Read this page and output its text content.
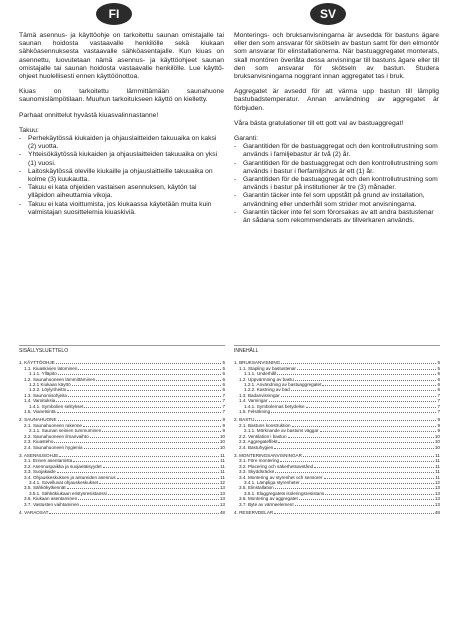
FI	SV

Tämä asennus- ja käyttöohje on tarkoitettu saunan omistajalle tai saunan hoidosta vastaavalle henkilölle sekä kiukaan sähköasennuksesta vastaavalle sähköasentajalle. Kun kiuas on asennettu, luovutetaan nämä asennus- ja käyttöohjeet saunan omistajalle tai saunan hoidosta vastaavalle henkilölle. Lue käyttöohjeet huolellisesti ennen käyttöönottoa.

Kiuas on tarkoitettu lämmittämään saunahuone saunomislämpötilaan. Muuhun tarkoitukseen käyttö on kielletty.

Parhaat onnittelut hyvästä kiuasvalinnastanne!

Takuu:
- Perhekäytössä kiukaiden ja ohjauslaitteiden takuuaika on kaksi (2) vuotta.
- Yhteisökäytössä kiukaiden ja ohjauslaitteiden takuuaika on yksi (1) vuosi.
- Laitoskäytössä oleville kiukaille ja ohjauslaitteille takuuaika on kolme (3) kuukautta.
- Takuu ei kata ohjeiden vastaisen asennuksen, käytön tai ylläpidon aiheuttamia vikoja.
- Takuu ei kata vioittumista, jos kiukaassa käytetään muita kuin valmistajan suosittelemia kiuaskiviä.

Monterings- och bruksanvisningarna är avsedda för bastuns ägare eller den som ansvarar för skötseln av bastun samt för den elmontör som ansvarar för elinstallationerna. När bastuaggregatet monterats, skall montören överlåta dessa anvisningar till bastuns ägare eller till den som ansvarar för skötseln av bastun. Studera bruksanvisningarna noggrant innan aggregatet tas i bruk.

Aggregatet är avsedd för att värma upp bastun till lämplig bastubadstemperatur. Annan användning av aggregatet är förbjuden.

Våra bästa gratulationer till ett gott val av bastuaggregat!

Garanti:
- Garantitiden för de bastuaggregat och den kontrollutrustning som används i familjebastur är två (2) år.
- Garantitiden för de bastuaggregat och den kontrollutrustning som används i bastur i flerfamiljshus är ett (1) år.
- Garantitiden för de bastuaggregat och den kontrollutrustning som används i bastur på institutioner är tre (3) månader.
- Garantin täcker inte fel som uppstått på grund av installation, användning eller underhåll som strider mot anvisningarna.
- Garantin täcker inte fel som förorsakas av att andra bastustenar än sådana som rekommenderats av tillverkaren används.
SISÄLLYSLUETTELO
1. KÄYTTÖOHJE	5
1.1. Kiuaskivien latominen	5
1.1.1. Ylläpito	6
1.2. Saunahuoneen lämmittäminen	6
1.2.1 Kiukaan käyttö	6
1.2.2. Löylynheitto	6
1.3. Saunomisohjeita	7
1.4. Varoituksia	7
1.4.1. Symbolien selitykset	7
1.5. Vianetsintä	7
2. SAUNAHUONE	9
2.1. Saunahuoneen rakenne	9
2.1.1. Saunan seinien tummuminen	9
2.2. Saunahuoneen ilmanvaihto	10
2.3. Kiuasteho	10
2.4. Saunahuoneen hygienia	10
3. ASENNUSOHJE	11
3.1. Ennen asentamista	11
3.2. Asennuspaikka ja suojaetäisyydet	11
3.3. Suojakaide	11
3.4. Ohjauskeskuksen ja antureiden asennus	11
3.4.1. Sovelluvat ohjauskeskukset	12
3.5. Sähkökytkennät	13
3.5.1. Sähkökiukaan eristysresistanssi	13
3.6. Kiukaan asentaminen	13
3.7. Vastusten vaihtaminen	13
4. VARAOSAT	48
INNEHÅLL
1. BRUKSANVISNING	5
1.1. Stapling av bastustenar	5
1.1.1. Underhåll	6
1.2. Uppvärmning av bastu	6
1.2.1. Användning av bastuaggregatet	6
1.2.2. Kastning av bad	6
1.3. Badanvisningar	7
1.4. Varningar	7
1.4.1. Symbolernas betydelse	7
1.5. Felsökning	7
2. BASTU	9
2.1. Bastuns konstruktion	9
2.1.1. Mörknande av bastuns väggar	9
2.2. Ventilation i bastun	10
2.3. Aggregateffekt	10
2.4. Bastuhygien	10
3. MONTERINGSANVISNINGAR	11
3.1. Före montering	11
3.2. Placering och säkerhetsavstånd	11
3.3. Skyddsräcke	11
3.4. Montering av styrenhet och sensorer	11
3.4.1. Lämpliga styrenheter	12
3.5. Elinstallation	13
3.5.1. Elaggregatets isoleringsresistans	13
3.6. Montering av aggregatet	13
3.7. Byte av värmeelement	13
4. RESERVDELAR	48
